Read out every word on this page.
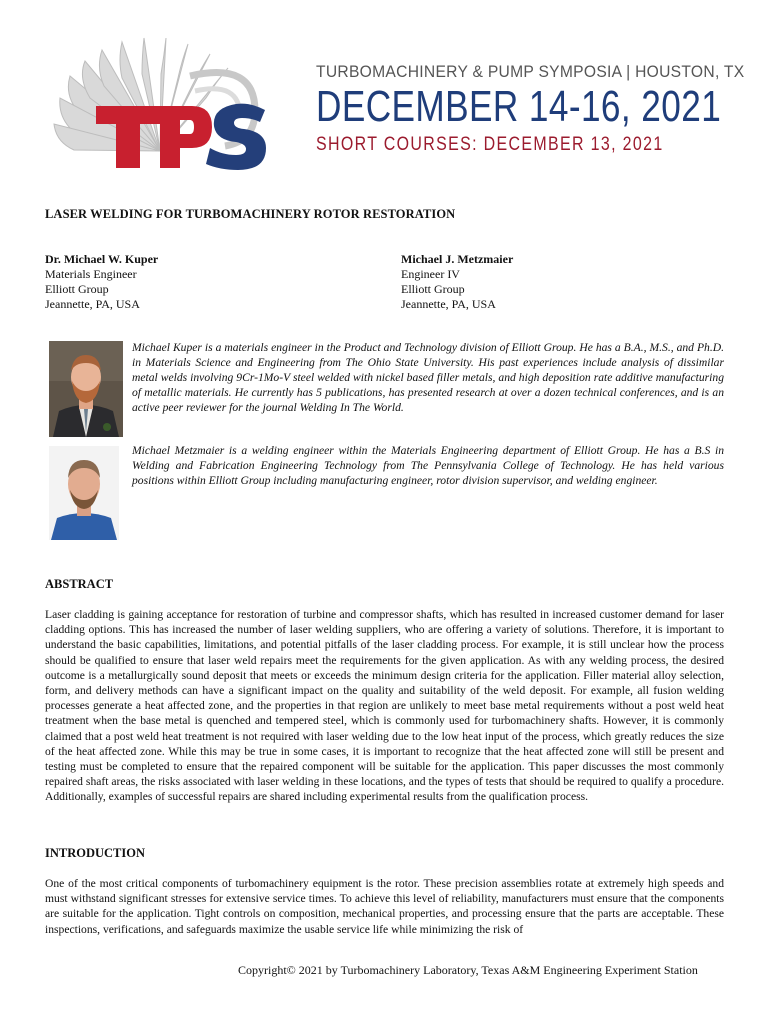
TURBOMACHINERY & PUMP SYMPOSIA | HOUSTON, TX
DECEMBER 14-16, 2021
SHORT COURSES: DECEMBER 13, 2021
LASER WELDING FOR TURBOMACHINERY ROTOR RESTORATION
Dr. Michael W. Kuper
Materials Engineer
Elliott Group
Jeannette, PA, USA
Michael J. Metzmaier
Engineer IV
Elliott Group
Jeannette, PA, USA
Michael Kuper is a materials engineer in the Product and Technology division of Elliott Group. He has a B.A., M.S., and Ph.D. in Materials Science and Engineering from The Ohio State University. His past experiences include analysis of dissimilar metal welds involving 9Cr-1Mo-V steel welded with nickel based filler metals, and high deposition rate additive manufacturing of metallic materials. He currently has 5 publications, has presented research at over a dozen technical conferences, and is an active peer reviewer for the journal Welding In The World.
Michael Metzmaier is a welding engineer within the Materials Engineering department of Elliott Group. He has a B.S in Welding and Fabrication Engineering Technology from The Pennsylvania College of Technology. He has held various positions within Elliott Group including manufacturing engineer, rotor division supervisor, and welding engineer.
ABSTRACT
Laser cladding is gaining acceptance for restoration of turbine and compressor shafts, which has resulted in increased customer demand for laser cladding options. This has increased the number of laser welding suppliers, who are offering a variety of solutions. Therefore, it is important to understand the basic capabilities, limitations, and potential pitfalls of the laser cladding process. For example, it is still unclear how the process should be qualified to ensure that laser weld repairs meet the requirements for the given application. As with any welding process, the desired outcome is a metallurgically sound deposit that meets or exceeds the minimum design criteria for the application. Filler material alloy selection, form, and delivery methods can have a significant impact on the quality and suitability of the weld deposit. For example, all fusion welding processes generate a heat affected zone, and the properties in that region are unlikely to meet base metal requirements without a post weld heat treatment when the base metal is quenched and tempered steel, which is commonly used for turbomachinery shafts. However, it is commonly claimed that a post weld heat treatment is not required with laser welding due to the low heat input of the process, which greatly reduces the size of the heat affected zone. While this may be true in some cases, it is important to recognize that the heat affected zone will still be present and testing must be completed to ensure that the repaired component will be suitable for the application. This paper discusses the most commonly repaired shaft areas, the risks associated with laser welding in these locations, and the types of tests that should be required to qualify a procedure. Additionally, examples of successful repairs are shared including experimental results from the qualification process.
INTRODUCTION
One of the most critical components of turbomachinery equipment is the rotor. These precision assemblies rotate at extremely high speeds and must withstand significant stresses for extensive service times. To achieve this level of reliability, manufacturers must ensure that the components are suitable for the application. Tight controls on composition, mechanical properties, and processing ensure that the parts are acceptable. These inspections, verifications, and safeguards maximize the usable service life while minimizing the risk of
Copyright© 2021 by Turbomachinery Laboratory, Texas A&M Engineering Experiment Station
